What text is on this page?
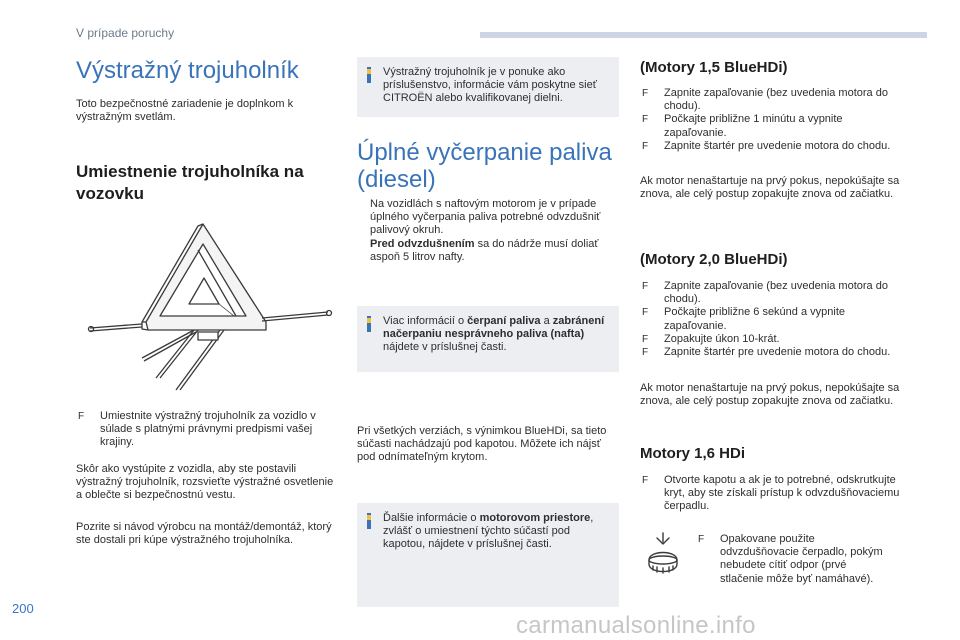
V prípade poruchy
Výstražný trojuholník
Toto bezpečnostné zariadenie je doplnkom k výstražným svetlám.
Umiestnenie trojuholníka na vozovku
F Umiestnite výstražný trojuholník za vozidlo v súlade s platnými právnymi predpismi vašej krajiny.
Skôr ako vystúpite z vozidla, aby ste postavili výstražný trojuholník, rozsvieťte výstražné osvetlenie a oblečte si bezpečnostnú vestu.
Pozrite si návod výrobcu na montáž/demontáž, ktorý ste dostali pri kúpe výstražného trojuholníka.
Výstražný trojuholník je v ponuke ako príslušenstvo, informácie vám poskytne sieť CITROËN alebo kvalifikovanej dielni.
Úplné vyčerpanie paliva (diesel)
Na vozidlách s naftovým motorom je v prípade úplného vyčerpania paliva potrebné odvzdušniť palivový okruh.
Pred odvzdušnením sa do nádrže musí doliať aspoň 5 litrov nafty.
Viac informácií o čerpaní paliva a zabránení načerpaniu nesprávneho paliva (nafta) nájdete v príslušnej časti.
Pri všetkých verziách, s výnimkou BlueHDi, sa tieto súčasti nachádzajú pod kapotou. Môžete ich nájsť pod odnímateľným krytom.
Ďalšie informácie o motorovom priestore, zvlášť o umiestnení týchto súčastí pod kapotou, nájdete v príslušnej časti.
(Motory 1,5 BlueHDi)
F Zapnite zapaľovanie (bez uvedenia motora do chodu).
F Počkajte približne 1 minútu a vypnite zapaľovanie.
F Zapnite štartér pre uvedenie motora do chodu.
Ak motor nenaštartuje na prvý pokus, nepokúšajte sa znova, ale celý postup zopakujte znova od začiatku.
(Motory 2,0 BlueHDi)
F Zapnite zapaľovanie (bez uvedenia motora do chodu).
F Počkajte približne 6 sekúnd a vypnite zapaľovanie.
F Zopakujte úkon 10-krát.
F Zapnite štartér pre uvedenie motora do chodu.
Ak motor nenaštartuje na prvý pokus, nepokúšajte sa znova, ale celý postup zopakujte znova od začiatku.
Motory 1,6 HDi
F Otvorte kapotu a ak je to potrebné, odskrutkujte kryt, aby ste získali prístup k odvzdušňovaciemu čerpadlu.
F Opakovane použite odvzdušňovacie čerpadlo, pokým nebudete cítiť odpor (prvé stlačenie môže byť namáhavé).
200
carmanualsonline.info
